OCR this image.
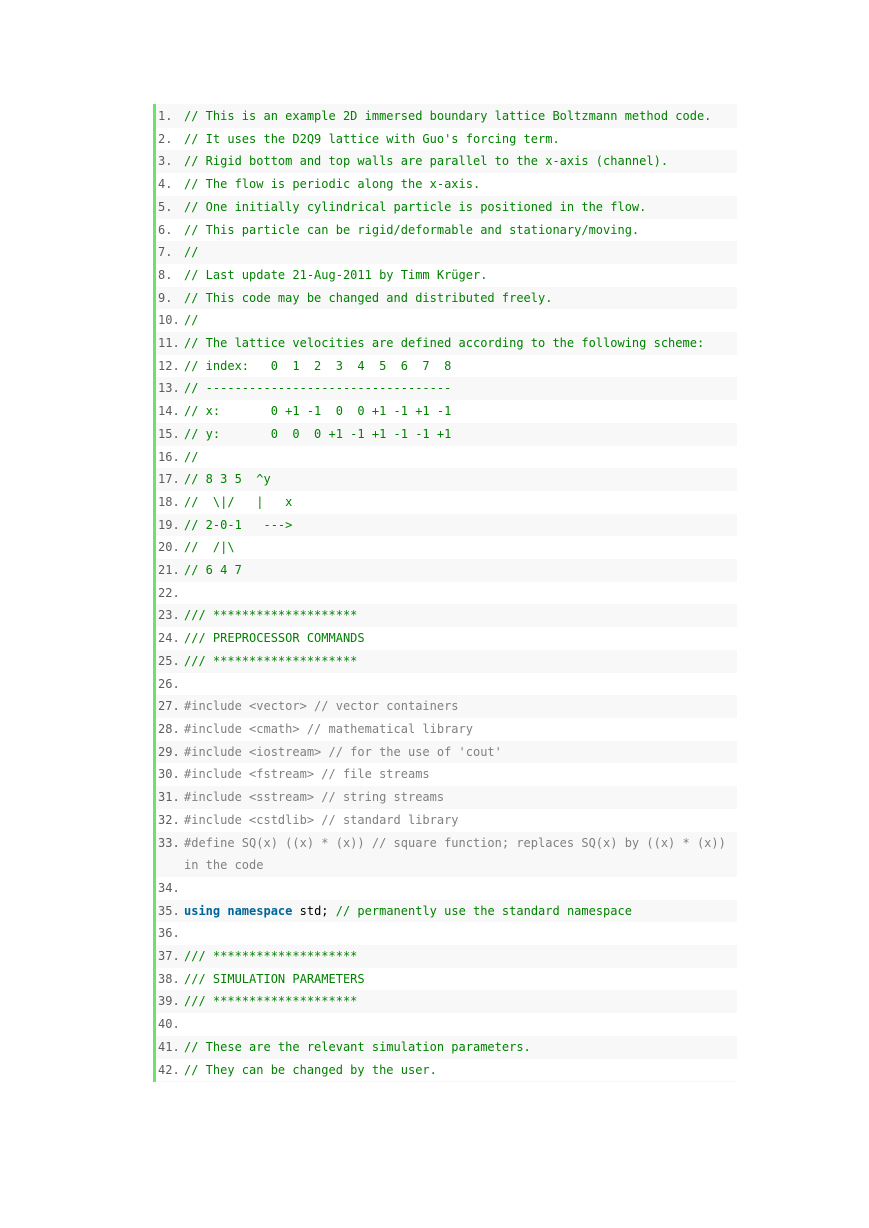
1. // This is an example 2D immersed boundary lattice Boltzmann method code.
2. // It uses the D2Q9 lattice with Guo's forcing term.
3. // Rigid bottom and top walls are parallel to the x-axis (channel).
4. // The flow is periodic along the x-axis.
5. // One initially cylindrical particle is positioned in the flow.
6. // This particle can be rigid/deformable and stationary/moving.
7. //
8. // Last update 21-Aug-2011 by Timm Krüger.
9. // This code may be changed and distributed freely.
10. //
11. // The lattice velocities are defined according to the following scheme:
12. // index:   0  1  2  3  4  5  6  7  8
13. // ----------------------------------
14. // x:       0 +1 -1  0  0 +1 -1 +1 -1
15. // y:       0  0  0 +1 -1 +1 -1 -1 +1
16. //
17. // 8 3 5  ^y
18. //  \|/   |   x
19. // 2-0-1   --->
20. //  /|\
21. // 6 4 7
22.

23. /// ********************
24. /// PREPROCESSOR COMMANDS
25. /// ********************
26.

27. #include <vector> // vector containers
28. #include <cmath> // mathematical library
29. #include <iostream> // for the use of 'cout'
30. #include <fstream> // file streams
31. #include <sstream> // string streams
32. #include <cstdlib> // standard library
33. #define SQ(x) ((x) * (x)) // square function; replaces SQ(x) by ((x) * (x)) in the code
34.

35. using namespace std; // permanently use the standard namespace
36.

37. /// ********************
38. /// SIMULATION PARAMETERS
39. /// ********************
40.

41. // These are the relevant simulation parameters.
42. // They can be changed by the user.
